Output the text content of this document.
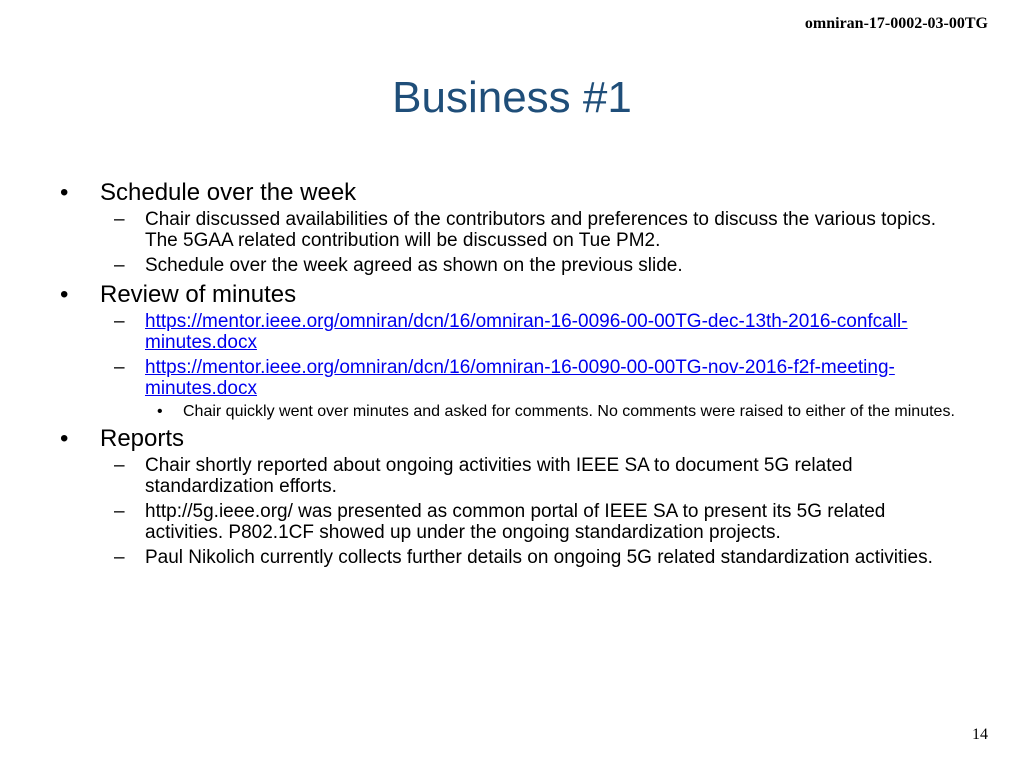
omniran-17-0002-03-00TG
Business #1
• Schedule over the week
– Chair discussed availabilities of the contributors and preferences to discuss the various topics. The 5GAA related contribution will be discussed on Tue PM2.
– Schedule over the week agreed as shown on the previous slide.
• Review of minutes
– https://mentor.ieee.org/omniran/dcn/16/omniran-16-0096-00-00TG-dec-13th-2016-confcall-minutes.docx
– https://mentor.ieee.org/omniran/dcn/16/omniran-16-0090-00-00TG-nov-2016-f2f-meeting-minutes.docx
• Chair quickly went over minutes and asked for comments. No comments were raised to either of the minutes.
• Reports
– Chair shortly reported about ongoing activities with IEEE SA to document 5G related standardization efforts.
– http://5g.ieee.org/ was presented as common portal of IEEE SA to present its 5G related activities. P802.1CF showed up under the ongoing standardization projects.
– Paul Nikolich currently collects further details on ongoing 5G related standardization activities.
14
